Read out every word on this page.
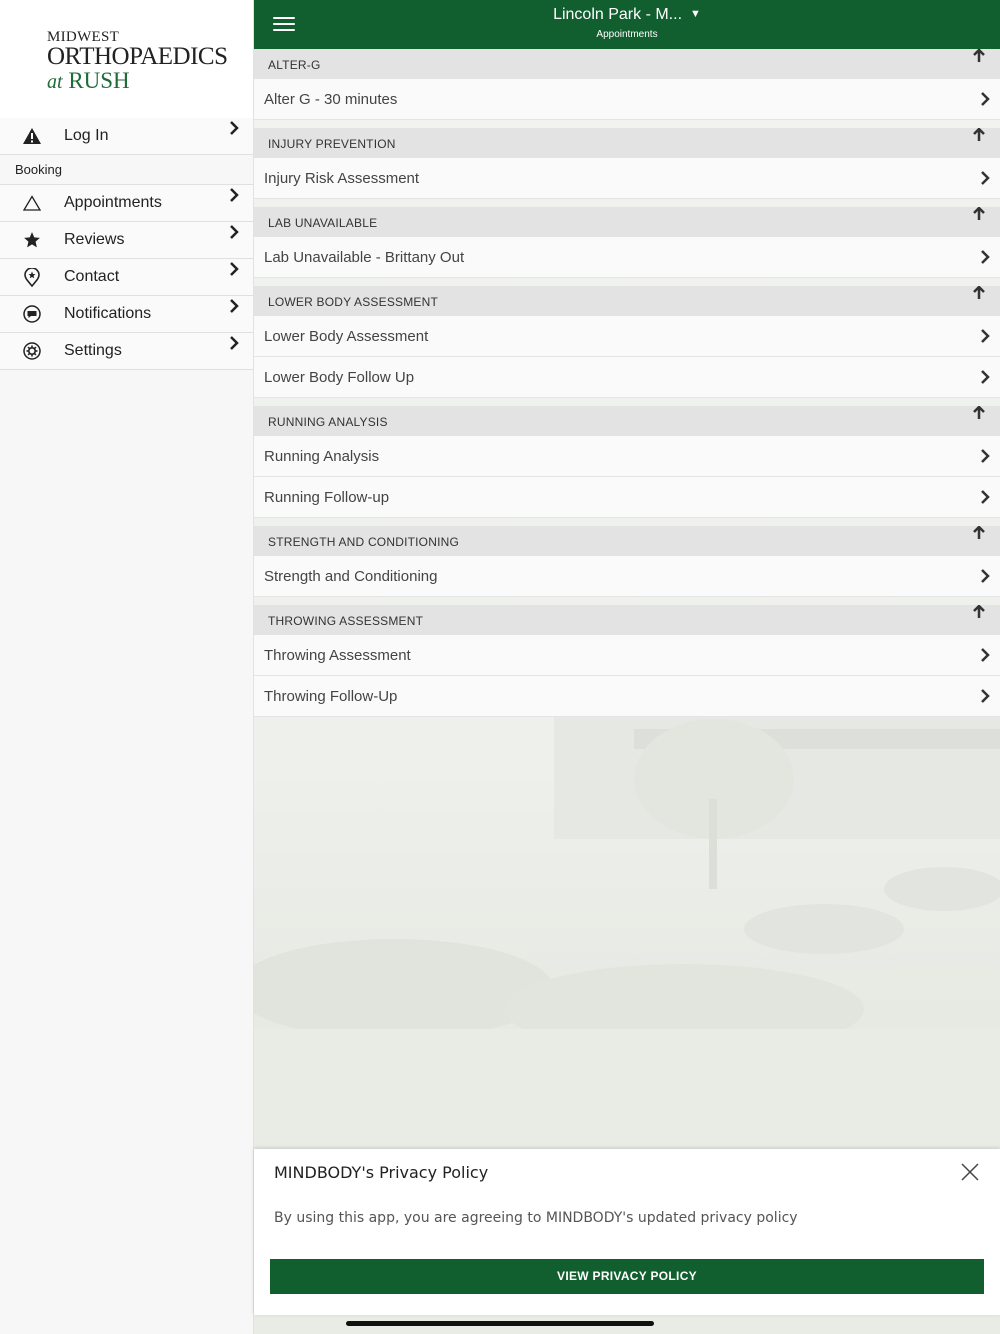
MIDWEST
ORTHOPAEDICS
at RUSH
Log In
Booking
Appointments
Reviews
Contact
Notifications
Settings
Lincoln Park - M... ▼
Appointments
ALTER-G
Alter G - 30 minutes
INJURY PREVENTION
Injury Risk Assessment
LAB UNAVAILABLE
Lab Unavailable - Brittany Out
LOWER BODY ASSESSMENT
Lower Body Assessment
Lower Body Follow Up
RUNNING ANALYSIS
Running Analysis
Running Follow-up
STRENGTH AND CONDITIONING
Strength and Conditioning
THROWING ASSESSMENT
Throwing Assessment
Throwing Follow-Up
MINDBODY's Privacy Policy
By using this app, you are agreeing to MINDBODY's updated privacy policy
VIEW PRIVACY POLICY
